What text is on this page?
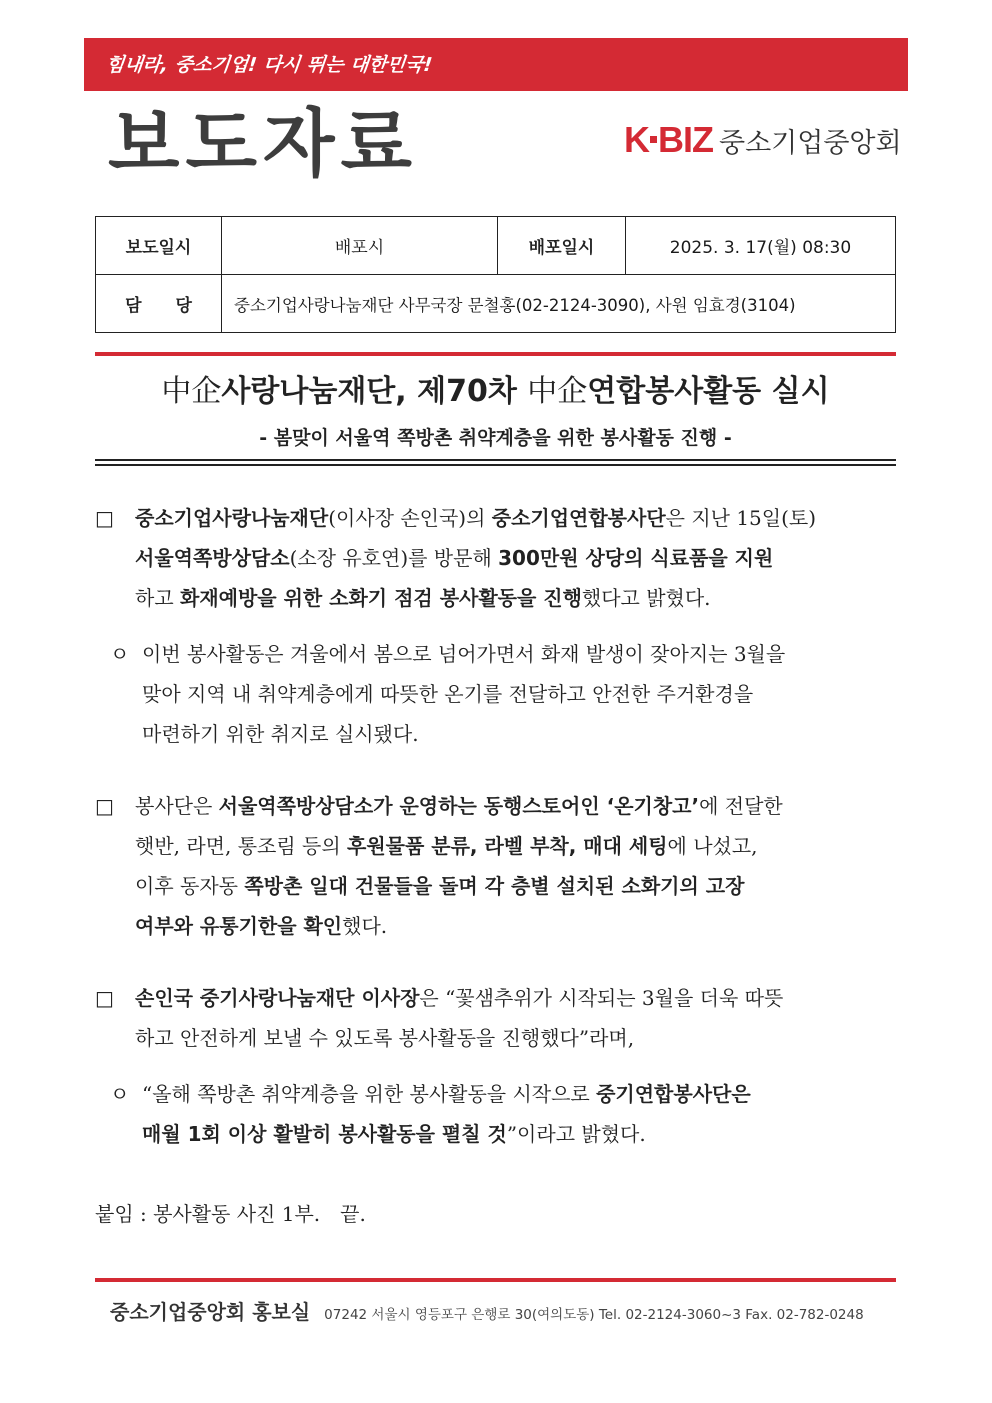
힘내라, 중소기업! 다시 뛰는 대한민국!
보도자료	K BIZ 중소기업중앙회
보도일시	배포시	배포일시	2025. 3. 17(월) 08:30
담　　당	중소기업사랑나눔재단 사무국장 문철홍(02-2124-3090), 사원 임효경(3104)		
中企사랑나눔재단, 제70차 中企연합봉사활동 실시
- 봄맞이 서울역 쪽방촌 취약계층을 위한 봉사활동 진행 -
□ 중소기업사랑나눔재단(이사장 손인국)의 중소기업연합봉사단은 지난 15일(토)
서울역쪽방상담소(소장 유호연)를 방문해 300만원 상당의 식료품을 지원
하고 화재예방을 위한 소화기 점검 봉사활동을 진행했다고 밝혔다.
ㅇ 이번 봉사활동은 겨울에서 봄으로 넘어가면서 화재 발생이 잦아지는 3월을
맞아 지역 내 취약계층에게 따뜻한 온기를 전달하고 안전한 주거환경을
마련하기 위한 취지로 실시됐다.
□ 봉사단은 서울역쪽방상담소가 운영하는 동행스토어인 ‘온기창고’에 전달한
햇반, 라면, 통조림 등의 후원물품 분류, 라벨 부착, 매대 세팅에 나섰고,
이후 동자동 쪽방촌 일대 건물들을 돌며 각 층별 설치된 소화기의 고장
여부와 유통기한을 확인했다.
□ 손인국 중기사랑나눔재단 이사장은 “꽃샘추위가 시작되는 3월을 더욱 따뜻
하고 안전하게 보낼 수 있도록 봉사활동을 진행했다”라며,
ㅇ “올해 쪽방촌 취약계층을 위한 봉사활동을 시작으로 중기연합봉사단은
매월 1회 이상 활발히 봉사활동을 펼칠 것”이라고 밝혔다.
붙임 : 봉사활동 사진 1부.　끝.
중소기업중앙회 홍보실 07242 서울시 영등포구 은행로 30(여의도동) Tel. 02-2124-3060~3 Fax. 02-782-0248
